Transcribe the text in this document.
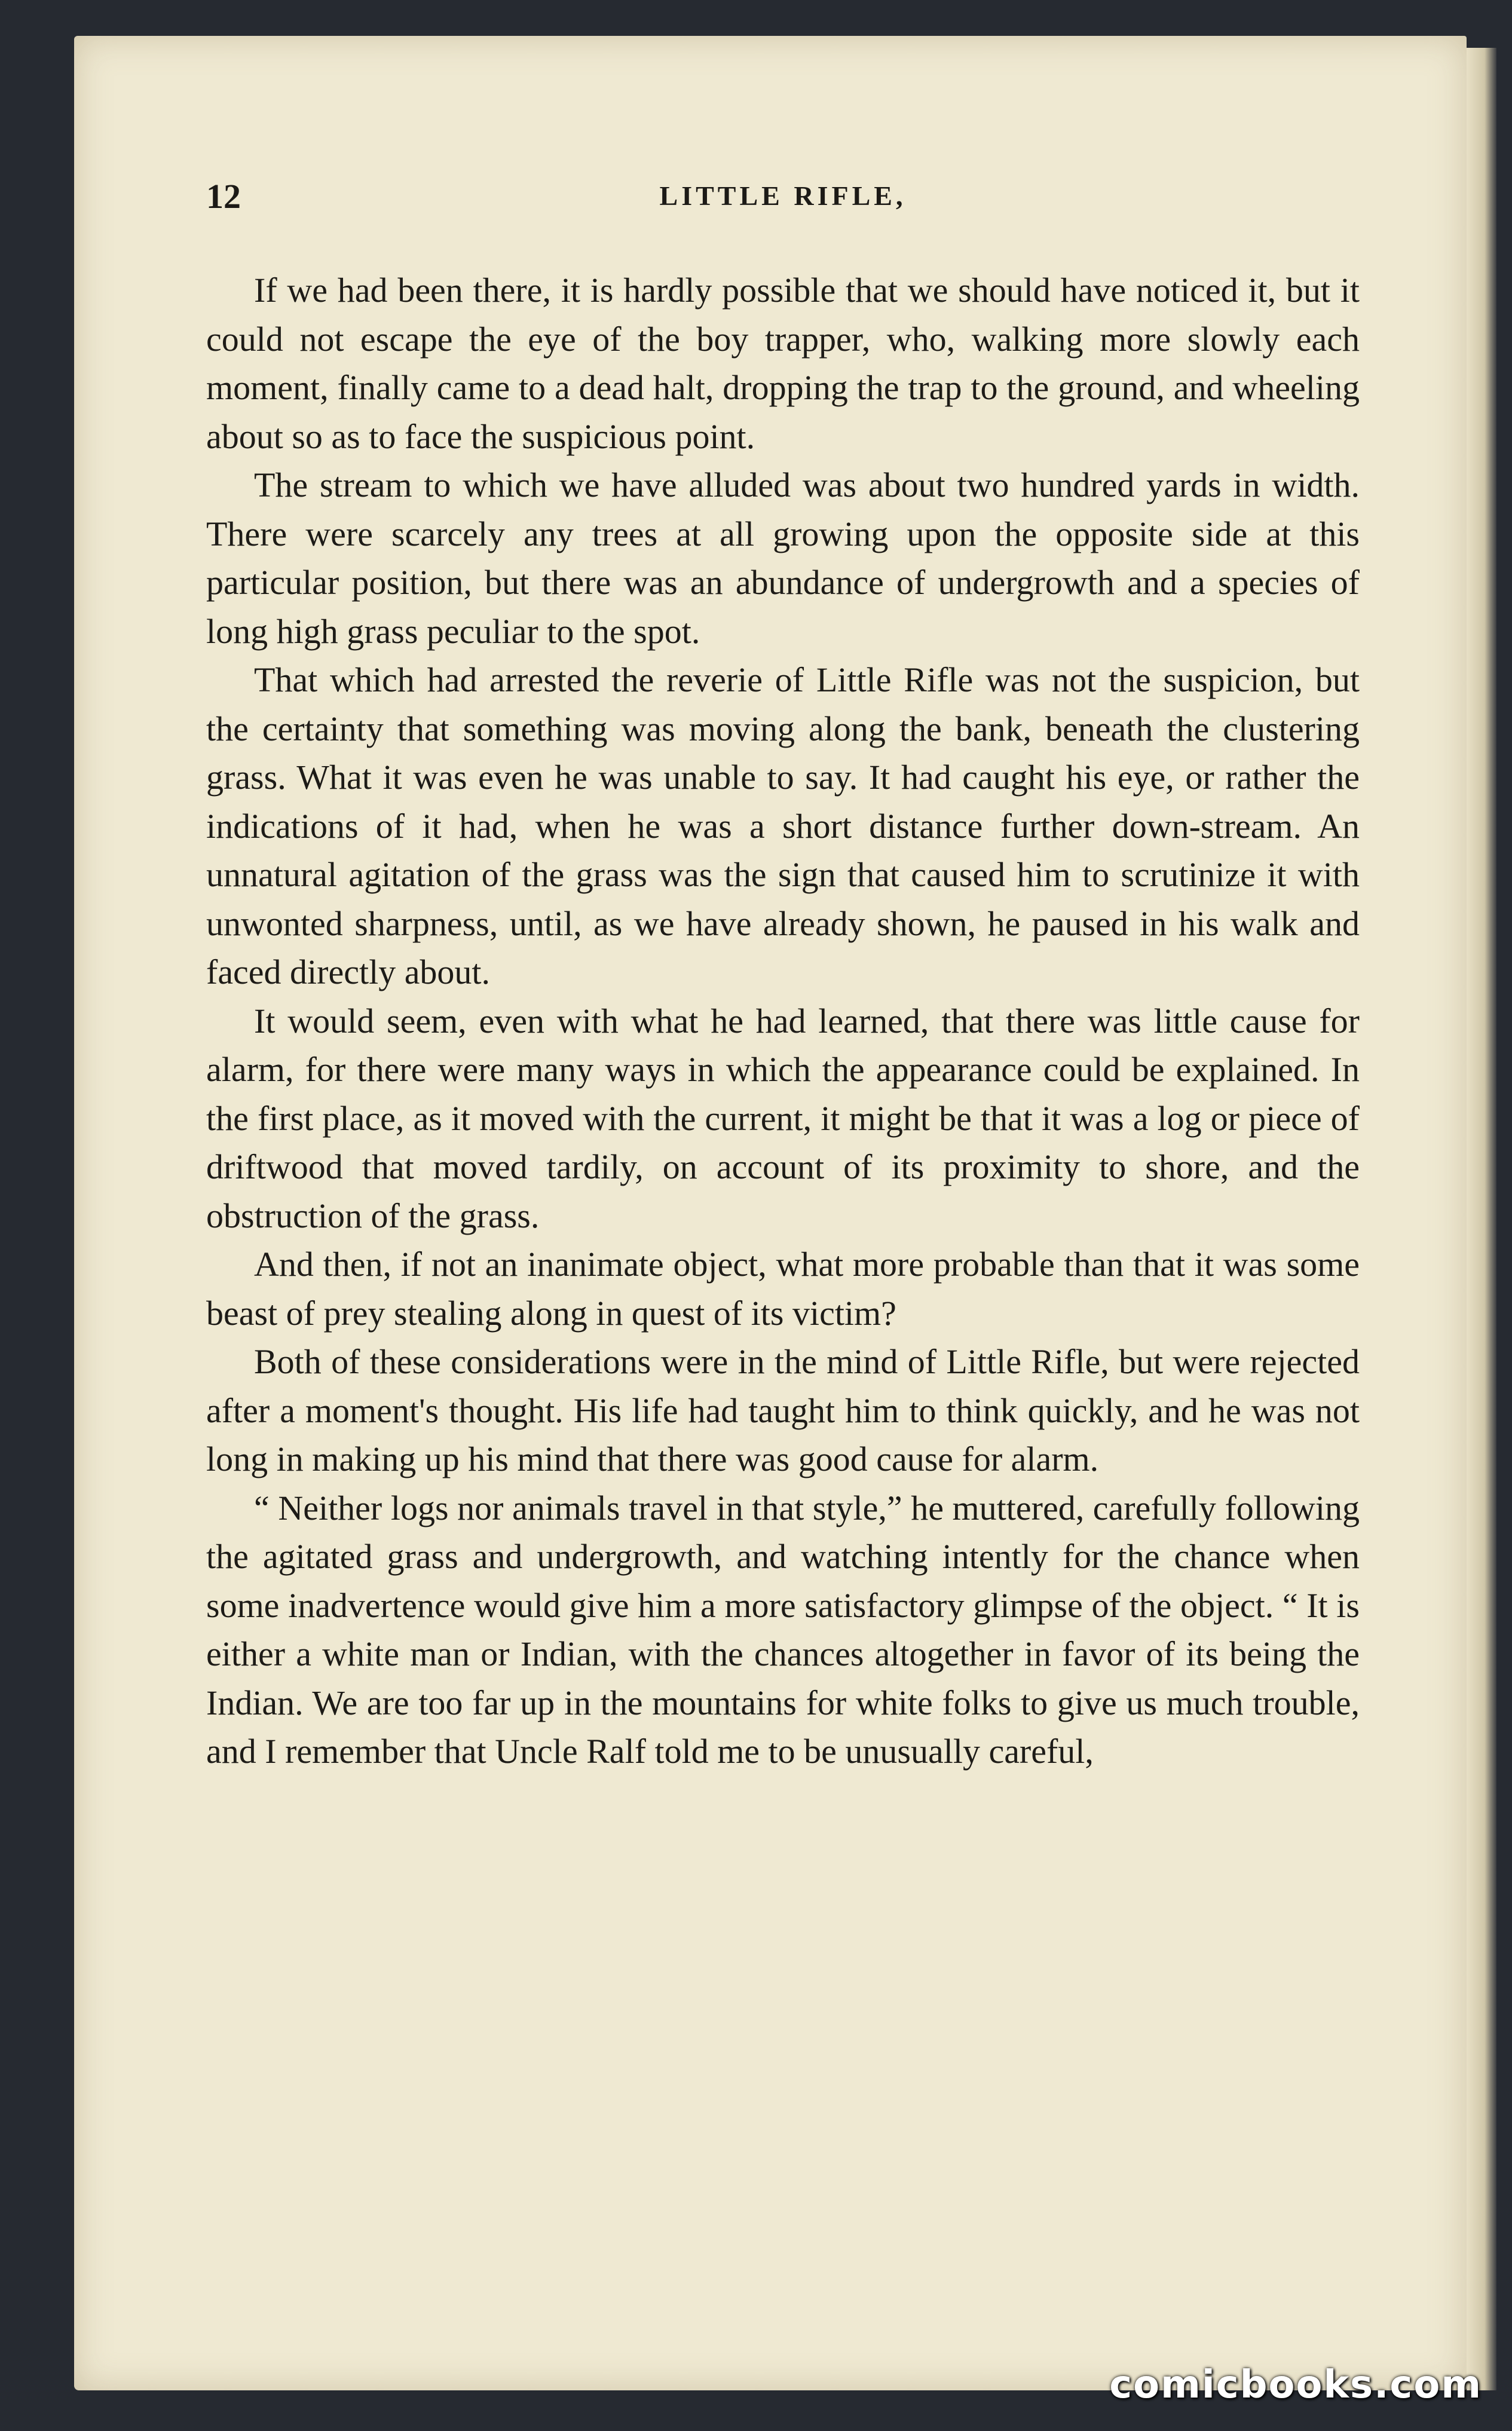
12	LITTLE RIFLE,

If we had been there, it is hardly possible that we should have noticed it, but it could not escape the eye of the boy trapper, who, walking more slowly each moment, finally came to a dead halt, dropping the trap to the ground, and wheeling about so as to face the suspicious point.

The stream to which we have alluded was about two hundred yards in width. There were scarcely any trees at all growing upon the opposite side at this particular position, but there was an abundance of undergrowth and a species of long high grass peculiar to the spot.

That which had arrested the reverie of Little Rifle was not the suspicion, but the certainty that something was moving along the bank, beneath the clustering grass. What it was even he was unable to say. It had caught his eye, or rather the indications of it had, when he was a short distance further down-stream. An unnatural agitation of the grass was the sign that caused him to scrutinize it with unwonted sharpness, until, as we have already shown, he paused in his walk and faced directly about.

It would seem, even with what he had learned, that there was little cause for alarm, for there were many ways in which the appearance could be explained. In the first place, as it moved with the current, it might be that it was a log or piece of driftwood that moved tardily, on account of its proximity to shore, and the obstruction of the grass.

And then, if not an inanimate object, what more probable than that it was some beast of prey stealing along in quest of its victim?

Both of these considerations were in the mind of Little Rifle, but were rejected after a moment's thought. His life had taught him to think quickly, and he was not long in making up his mind that there was good cause for alarm.

“ Neither logs nor animals travel in that style,” he muttered, carefully following the agitated grass and undergrowth, and watching intently for the chance when some inadvertence would give him a more satisfactory glimpse of the object. “ It is either a white man or Indian, with the chances altogether in favor of its being the Indian. We are too far up in the mountains for white folks to give us much trouble, and I remember that Uncle Ralf told me to be unusually careful,

comicbooks.com
